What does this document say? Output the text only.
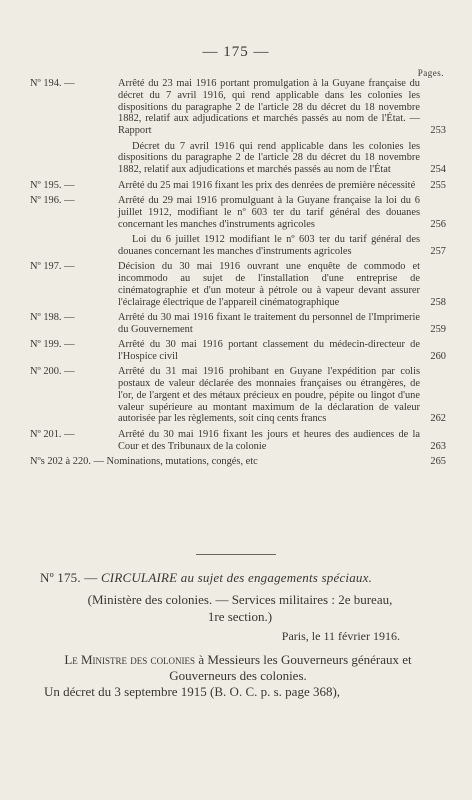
— 175 —
Pages.
Nº 194. —	Arrêté du 23 mai 1916 portant promulgation à la Guyane française du décret du 7 avril 1916, qui rend applicable dans les colonies les dispositions du paragraphe 2 de l'article 28 du décret du 18 novembre 1882, relatif aux adjudications et marchés passés au nom de l'État. — Rapport	253
Décret du 7 avril 1916 qui rend applicable dans les colonies les dispositions du paragraphe 2 de l'article 28 du décret du 18 novembre 1882, relatif aux adjudications et marchés passés au nom de l'État	254
Nº 195. —	Arrêté du 25 mai 1916 fixant les prix des denrées de première nécessité	255
Nº 196. —	Arrêté du 29 mai 1916 promulguant à la Guyane française la loi du 6 juillet 1912, modifiant le nº 603 ter du tarif général des douanes concernant les manches d'instruments agricoles	256
Loi du 6 juillet 1912 modifiant le nº 603 ter du tarif général des douanes concernant les manches d'instruments agricoles	257
Nº 197. —	Décision du 30 mai 1916 ouvrant une enquête de commodo et incommodo au sujet de l'installation d'une entreprise de cinématographie et d'un moteur à pétrole ou à vapeur devant assurer l'éclairage électrique de l'appareil cinématographique	258
Nº 198. —	Arrêté du 30 mai 1916 fixant le traitement du personnel de l'Imprimerie du Gouvernement	259
Nº 199. —	Arrêté du 30 mai 1916 portant classement du médecin-directeur de l'Hospice civil	260
Nº 200. —	Arrêté du 31 mai 1916 prohibant en Guyane l'expédition par colis postaux de valeur déclarée des monnaies françaises ou étrangères, de l'or, de l'argent et des métaux précieux en poudre, pépite ou lingot d'une valeur supérieure au montant maximum de la déclaration de valeur autorisée par les règlements, soit cinq cents francs	262
Nº 201. —	Arrêté du 30 mai 1916 fixant les jours et heures des audiences de la Cour et des Tribunaux de la colonie	263
Nºs 202 à 220. — Nominations, mutations, congés, etc	265
Nº 175. — CIRCULAIRE au sujet des engagements spéciaux.
(Ministère des colonies. — Services militaires : 2e bureau,
1re section.)
Paris, le 11 février 1916.
Le Ministre des colonies à Messieurs les Gouverneurs généraux et Gouverneurs des colonies.
Un décret du 3 septembre 1915 (B. O. C. p. s. page 368),
